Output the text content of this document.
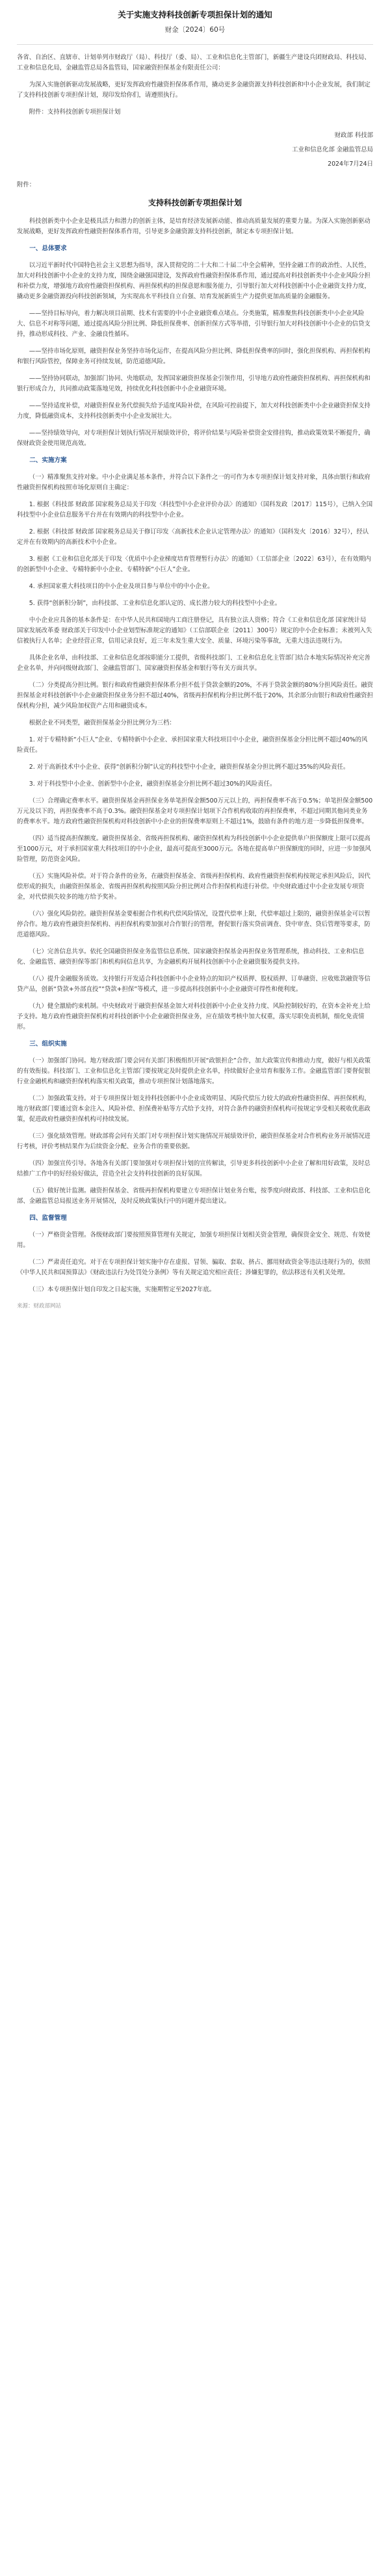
关于实施支持科技创新专项担保计划的通知
财金〔2024〕60号

各省、自治区、直辖市、计划单列市财政厅（局）、科技厅（委、局）、工业和信息化主管部门，新疆生产建设兵团财政局、科技局、工业和信息化局，金融监管总局各监管局，国家融资担保基金有限责任公司：

为深入实施创新驱动发展战略，更好发挥政府性融资担保体系作用，撬动更多金融资源支持科技创新和中小企业发展，我们制定了支持科技创新专项担保计划，现印发给你们，请遵照执行。

附件：支持科技创新专项担保计划

财政部 科技部

工业和信息化部 金融监管总局

2024年7月24日

附件：

支持科技创新专项担保计划

科技创新类中小企业是极具活力和潜力的创新主体，是培育经济发展新动能、推动高质量发展的重要力量。为深入实施创新驱动发展战略，更好发挥政府性融资担保体系作用，引导更多金融资源支持科技创新，制定本专项担保计划。

一、总体要求

以习近平新时代中国特色社会主义思想为指导，深入贯彻党的二十大和二十届二中全会精神，坚持金融工作的政治性、人民性，加大对科技创新中小企业的支持力度，围绕金融强国建设，发挥政府性融资担保体系作用，通过提高对科技创新类中小企业风险分担和补偿力度，增强地方政府性融资担保机构、再担保机构的担保意愿和服务能力，引导银行加大对科技创新中小企业融资支持力度，撬动更多金融资源投向科技创新领域，为实现高水平科技自立自强、培育发展新质生产力提供更加高质量的金融服务。

——坚持目标导向，着力解决项目前期、技术有需要的中小企业融资难点堵点。分类施策，精准聚焦科技创新类中小企业风险大、信息不对称等问题，通过提高风险分担比例、降低担保费率、创新担保方式等举措，引导银行加大对科技创新中小企业的信贷支持，推动形成科技、产业、金融良性循环。

——坚持市场化原则，融资担保业务坚持市场化运作，在提高风险分担比例、降低担保费率的同时，强化担保机构、再担保机构和银行风险管控，保障业务可持续发展，防范道德风险。

——坚持协同联动，加强部门协同、央地联动，发挥国家融资担保基金引领作用，引导地方政府性融资担保机构、再担保机构和银行形成合力，共同推动政策落地见效，持续优化科技创新中小企业融资环境。

——坚持适度补偿，对融资担保业务代偿损失给予适度风险补偿，在风险可控前提下，加大对科技创新类中小企业融资担保支持力度，降低融资成本，支持科技创新类中小企业发展壮大。

——坚持绩效导向，对专项担保计划执行情况开展绩效评价，将评价结果与风险补偿资金安排挂钩，推动政策效果不断提升，确保财政资金使用规范高效。

二、实施方案

（一）精准聚焦支持对象。中小企业满足基本条件，并符合以下条件之一的可作为本专项担保计划支持对象，具体由银行和政府性融资担保机构按照市场化原则自主确定：

1. 根据《科技部 财政部 国家税务总局关于印发〈科技型中小企业评价办法〉的通知》（国科发政〔2017〕115号），已纳入全国科技型中小企业信息服务平台并在有效期内的科技型中小企业。

2. 根据《科技部 财政部 国家税务总局关于修订印发〈高新技术企业认定管理办法〉的通知》（国科发火〔2016〕32号），经认定并在有效期内的高新技术中小企业。

3. 根据《工业和信息化部关于印发〈优质中小企业梯度培育管理暂行办法〉的通知》（工信部企业〔2022〕63号），在有效期内的创新型中小企业、专精特新中小企业、专精特新“小巨人”企业。

4. 承担国家重大科技项目的中小企业及项目参与单位中的中小企业。

5. 获得“创新积分制”，由科技部、工业和信息化部认定的、成长潜力较大的科技型中小企业。

中小企业应具备的基本条件是：在中华人民共和国境内工商注册登记，具有独立法人资格；符合《工业和信息化部 国家统计局 国家发展改革委 财政部关于印发中小企业划型标准规定的通知》（工信部联企业〔2011〕300号）规定的中小企业标准；未被列入失信被执行人名单；企业经营正常，信用记录良好，近三年未发生重大安全、质量、环境污染等事故，无重大违法违规行为。

具体企业名单，由科技部、工业和信息化部按职能分工提供，省级科技部门、工业和信息化主管部门结合本地实际情况补充完善企业名单，并向同级财政部门、金融监管部门、国家融资担保基金和银行等有关方面共享。

（二）分类提高分担比例。银行和政府性融资担保体系分担不低于贷款金额的20%，不再于贷款金额的80%分担风险责任。融资担保基金对科技创新中小企业融资担保业务分担不超过40%，省级再担保机构分担比例不低于20%，其余部分由银行和政府性融资担保机构分担，减少风险加权资产占用和融资成本。

根据企业不同类型，融资担保基金分担比例分为三档：

1. 对于专精特新“小巨人”企业、专精特新中小企业、承担国家重大科技项目中小企业，融资担保基金分担比例不超过40%的风险责任。

2. 对于高新技术中小企业、获得“创新积分制”认定的科技型中小企业，融资担保基金分担比例不超过35%的风险责任。

3. 对于科技型中小企业、创新型中小企业，融资担保基金分担比例不超过30%的风险责任。

（三）合理确定费率水平。融资担保基金再担保业务单笔担保金额500万元以上的，再担保费率不高于0.5%；单笔担保金额500万元及以下的，再担保费率不高于0.3%。融资担保基金对专项担保计划项下合作机构收取的再担保费率，不超过同期其他同类业务的费率水平。地方政府性融资担保机构对科技创新中小企业的担保费率原则上不超过1%，鼓励有条件的地方进一步降低担保费率。

（四）适当提高担保额度。融资担保基金、省级再担保机构、融资担保机构为科技创新中小企业提供单户担保额度上限可以提高至1000万元，对于承担国家重大科技项目的中小企业，最高可提高至3000万元。各地在提高单户担保额度的同时，应进一步加强风险管理，防范资金风险。

（五）实施风险补偿。对于符合条件的业务，在融资担保基金、省级再担保机构、政府性融资担保机构按规定承担风险后，因代偿形成的损失，由融资担保基金、省级再担保机构按照风险分担比例对合作担保机构进行补偿。中央财政通过中小企业发展专项资金，对代偿损失较多的地方给予奖补。

（六）强化风险防控。融资担保基金要根据合作机构代偿风险情况，设置代偿率上限，代偿率超过上限的，融资担保基金可以暂停合作。地方政府性融资担保机构、再担保机构要加强对合作银行的管理，督促银行落实贷前调查、贷中审查、贷后管理等要求，防范道德风险。

（七）完善信息共享。依托全国融资担保业务监管信息系统、国家融资担保基金再担保业务管理系统，推动科技、工业和信息化、金融监管、融资担保等部门和机构间信息共享，为金融机构开展科技创新中小企业融资服务提供支持。

（八）提升金融服务质效。支持银行开发适合科技创新中小企业特点的知识产权质押、股权质押、订单融资、应收账款融资等信贷产品，创新“贷款+外部直投”“贷款+担保”等模式，进一步提高科技创新中小企业融资可得性和便利度。

（九）健全激励约束机制。中央财政对于融资担保基金加大对科技创新中小企业支持力度、风险控制较好的，在资本金补充上给予支持。地方政府性融资担保机构对科技创新中小企业融资担保业务，应在绩效考核中加大权重，落实尽职免责机制，细化免责情形。

三、组织实施

（一）加强部门协同。地方财政部门要会同有关部门积极组织开展“政银担企”合作，加大政策宣传和推动力度，做好与相关政策的有效衔接。科技部门、工业和信息化主管部门要按规定及时提供企业名单，持续做好企业培育和服务工作。金融监管部门要督促银行业金融机构和融资担保机构落实相关政策，推动专项担保计划落地落实。

（二）加强政策支持。对于专项担保计划支持科技创新中小企业成效明显、风险代偿压力较大的政府性融资担保、再担保机构，地方财政部门要通过资本金注入、风险补偿、担保费补贴等方式给予支持，对符合条件的融资担保机构可按规定享受相关税收优惠政策，促进政府性融资担保机构可持续发展。

（三）强化绩效管理。财政部将会同有关部门对专项担保计划实施情况开展绩效评价，融资担保基金对合作机构业务开展情况进行考核，评价考核结果作为后续资金分配、业务合作的重要依据。

（四）加强宣传引导。各地各有关部门要加强对专项担保计划的宣传解读，引导更多科技创新中小企业了解和用好政策，及时总结推广工作中的好经验好做法，营造全社会支持科技创新的良好氛围。

（五）做好统计监测。融资担保基金、省级再担保机构要建立专项担保计划业务台账，按季度向财政部、科技部、工业和信息化部、金融监管总局报送业务开展情况，及时反映政策执行中的问题并提出建议。

四、监督管理

（一）严格资金管理。各级财政部门要按照预算管理有关规定，加强专项担保计划相关资金管理，确保资金安全、规范、有效使用。

（二）严肃责任追究。对于在专项担保计划实施中存在虚报、冒领、骗取、套取、挤占、挪用财政资金等违法违规行为的，依照《中华人民共和国预算法》《财政违法行为处罚处分条例》等有关规定追究相应责任；涉嫌犯罪的，依法移送有关机关处理。

（三）本专项担保计划自印发之日起实施，实施期暂定至2027年底。

来源：财政部网站
